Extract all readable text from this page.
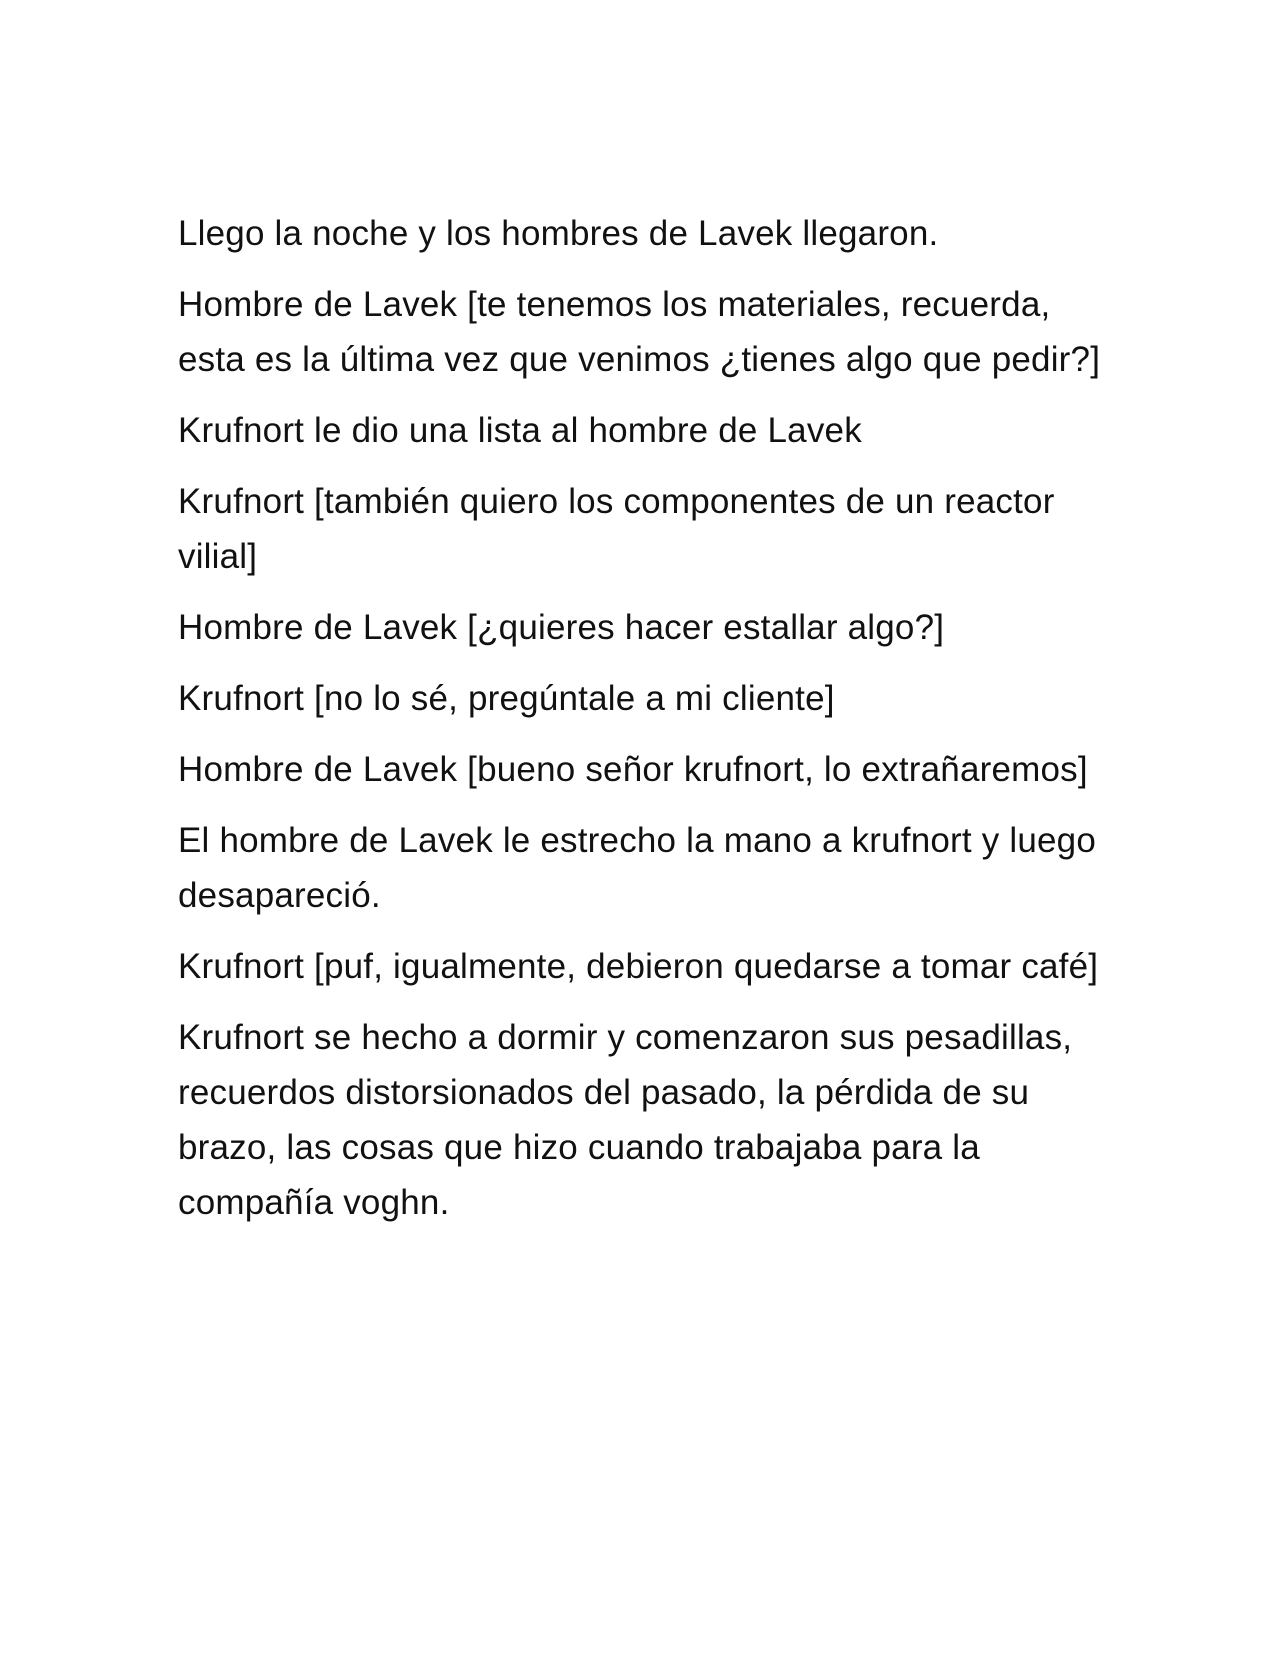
Llego la noche y los hombres de Lavek llegaron.

Hombre de Lavek [te tenemos los materiales, recuerda, esta es la última vez que venimos ¿tienes algo que pedir?]

Krufnort le dio una lista al hombre de Lavek

Krufnort [también quiero los componentes de un reactor vilial]

Hombre de Lavek [¿quieres hacer estallar algo?]

Krufnort [no lo sé, pregúntale a mi cliente]

Hombre de Lavek [bueno señor krufnort, lo extrañaremos]

El hombre de Lavek le estrecho la mano a krufnort y luego desapareció.

Krufnort [puf, igualmente, debieron quedarse a tomar café]

Krufnort se hecho a dormir y comenzaron sus pesadillas, recuerdos distorsionados del pasado, la pérdida de su brazo, las cosas que hizo cuando trabajaba para la compañía voghn.
